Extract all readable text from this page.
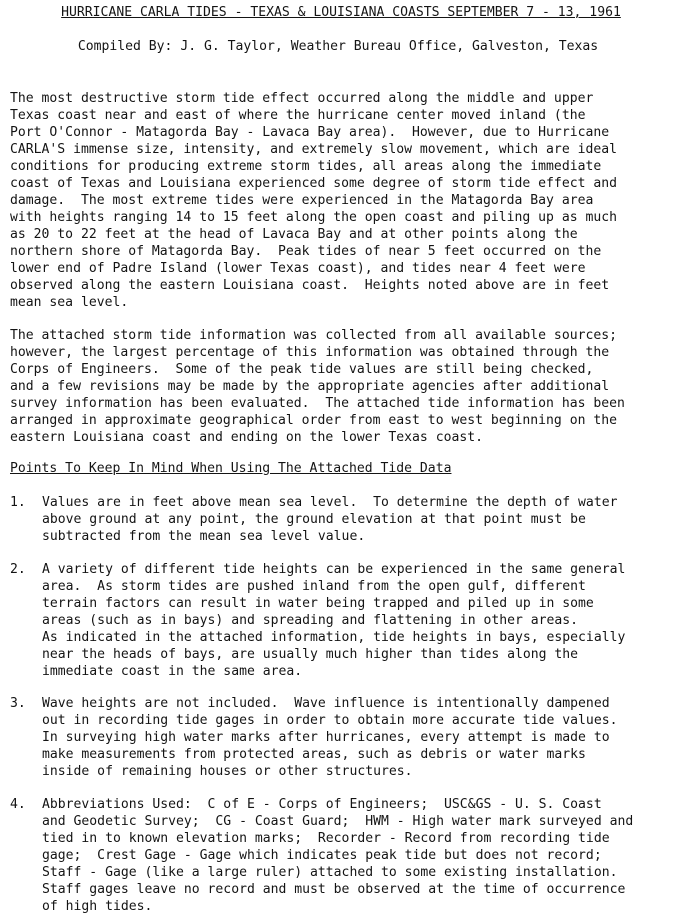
HURRICANE CARLA TIDES - TEXAS & LOUISIANA COASTS SEPTEMBER 7 - 13, 1961
Compiled By: J. G. Taylor, Weather Bureau Office, Galveston, Texas
The most destructive storm tide effect occurred along the middle and upper
Texas coast near and east of where the hurricane center moved inland (the
Port O'Connor - Matagorda Bay - Lavaca Bay area).  However, due to Hurricane
CARLA'S immense size, intensity, and extremely slow movement, which are ideal
conditions for producing extreme storm tides, all areas along the immediate
coast of Texas and Louisiana experienced some degree of storm tide effect and
damage.  The most extreme tides were experienced in the Matagorda Bay area
with heights ranging 14 to 15 feet along the open coast and piling up as much
as 20 to 22 feet at the head of Lavaca Bay and at other points along the
northern shore of Matagorda Bay.  Peak tides of near 5 feet occurred on the
lower end of Padre Island (lower Texas coast), and tides near 4 feet were
observed along the eastern Louisiana coast.  Heights noted above are in feet
mean sea level.
The attached storm tide information was collected from all available sources;
however, the largest percentage of this information was obtained through the
Corps of Engineers.  Some of the peak tide values are still being checked,
and a few revisions may be made by the appropriate agencies after additional
survey information has been evaluated.  The attached tide information has been
arranged in approximate geographical order from east to west beginning on the
eastern Louisiana coast and ending on the lower Texas coast.
Points To Keep In Mind When Using The Attached Tide Data
1. Values are in feet above mean sea level.  To determine the depth of water
above ground at any point, the ground elevation at that point must be
subtracted from the mean sea level value.
2. A variety of different tide heights can be experienced in the same general
area.  As storm tides are pushed inland from the open gulf, different
terrain factors can result in water being trapped and piled up in some
areas (such as in bays) and spreading and flattening in other areas.
As indicated in the attached information, tide heights in bays, especially
near the heads of bays, are usually much higher than tides along the
immediate coast in the same area.
3. Wave heights are not included.  Wave influence is intentionally dampened
out in recording tide gages in order to obtain more accurate tide values.
In surveying high water marks after hurricanes, every attempt is made to
make measurements from protected areas, such as debris or water marks
inside of remaining houses or other structures.
4. Abbreviations Used:  C of E - Corps of Engineers;  USC&GS - U. S. Coast
and Geodetic Survey;  CG - Coast Guard;  HWM - High water mark surveyed and
tied in to known elevation marks;  Recorder - Record from recording tide
gage;  Crest Gage - Gage which indicates peak tide but does not record;
Staff - Gage (like a large ruler) attached to some existing installation.
Staff gages leave no record and must be observed at the time of occurrence
of high tides.
